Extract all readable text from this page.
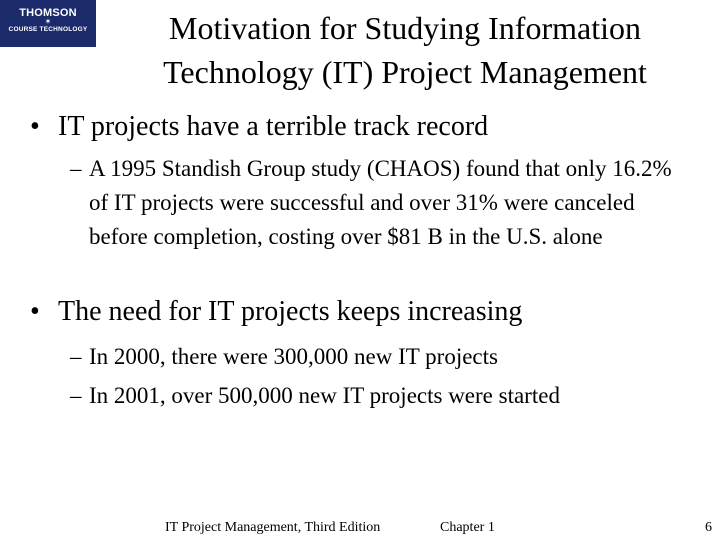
THOMSON
✶
COURSE TECHNOLOGY	Motivation for Studying Information
Technology (IT) Project Management
• IT projects have a terrible track record
– A 1995 Standish Group study (CHAOS) found that only 16.2% of IT projects were successful and over 31% were canceled before completion, costing over $81 B in the U.S. alone
• The need for IT projects keeps increasing
– In 2000, there were 300,000 new IT projects
– In 2001, over 500,000 new IT projects were started
IT Project Management, Third Edition	Chapter 1	6
